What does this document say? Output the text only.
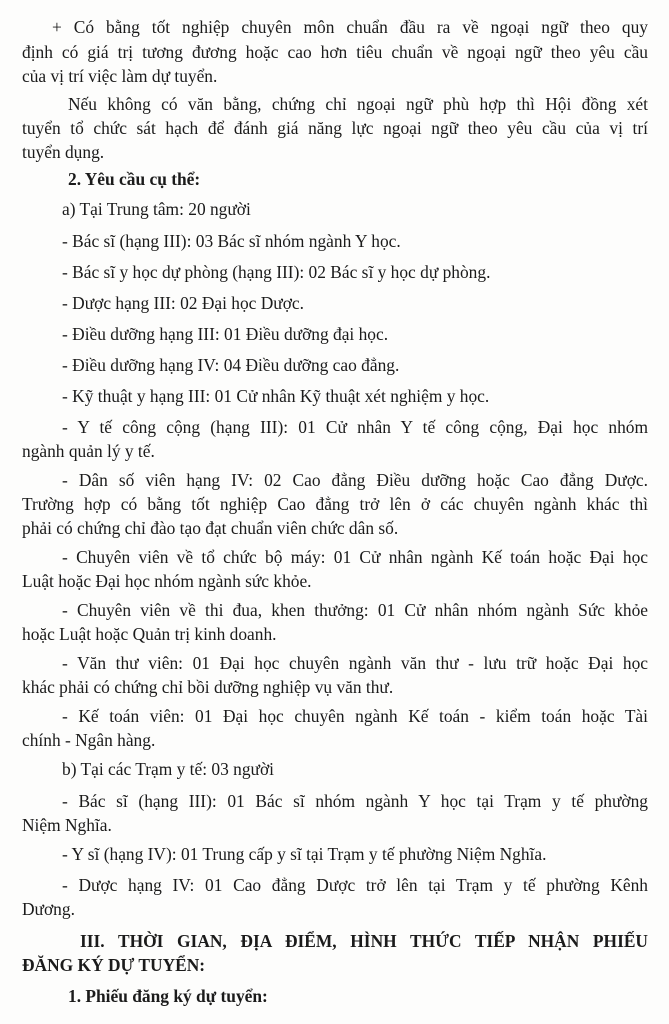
+ Có bằng tốt nghiệp chuyên môn chuẩn đầu ra về ngoại ngữ theo quy
định có giá trị tương đương hoặc cao hơn tiêu chuẩn về ngoại ngữ theo yêu cầu
của vị trí việc làm dự tuyển.
Nếu không có văn bằng, chứng chỉ ngoại ngữ phù hợp thì Hội đồng xét
tuyển tổ chức sát hạch để đánh giá năng lực ngoại ngữ theo yêu cầu của vị trí
tuyển dụng.
2. Yêu cầu cụ thể:
a) Tại Trung tâm: 20 người
- Bác sĩ (hạng III): 03 Bác sĩ nhóm ngành Y học.
- Bác sĩ y học dự phòng (hạng III): 02 Bác sĩ y học dự phòng.
- Dược hạng III: 02 Đại học Dược.
- Điều dưỡng hạng III: 01 Điều dưỡng đại học.
- Điều dưỡng hạng IV: 04 Điều dưỡng cao đẳng.
- Kỹ thuật y hạng III: 01 Cử nhân Kỹ thuật xét nghiệm y học.
- Y tế công cộng (hạng III): 01 Cử nhân Y tế công cộng, Đại học nhóm
ngành quản lý y tế.
- Dân số viên hạng IV: 02 Cao đẳng Điều dưỡng hoặc Cao đẳng Dược.
Trường hợp có bằng tốt nghiệp Cao đẳng trở lên ở các chuyên ngành khác thì
phải có chứng chỉ đào tạo đạt chuẩn viên chức dân số.
- Chuyên viên về tổ chức bộ máy: 01 Cử nhân ngành Kế toán hoặc Đại học
Luật hoặc Đại học nhóm ngành sức khỏe.
- Chuyên viên về thi đua, khen thưởng: 01 Cử nhân nhóm ngành Sức khỏe
hoặc Luật hoặc Quản trị kinh doanh.
- Văn thư viên: 01 Đại học chuyên ngành văn thư - lưu trữ hoặc Đại học
khác phải có chứng chỉ bồi dưỡng nghiệp vụ văn thư.
- Kế toán viên: 01 Đại học chuyên ngành Kế toán - kiểm toán hoặc Tài
chính - Ngân hàng.
b) Tại các Trạm y tế: 03 người
- Bác sĩ (hạng III): 01 Bác sĩ nhóm ngành Y học tại Trạm y tế phường
Niệm Nghĩa.
- Y sĩ (hạng IV): 01 Trung cấp y sĩ tại Trạm y tế phường Niệm Nghĩa.
- Dược hạng IV: 01 Cao đẳng Dược trở lên tại Trạm y tế phường Kênh
Dương.
III. THỜI GIAN, ĐỊA ĐIỂM, HÌNH THỨC TIẾP NHẬN PHIẾU
ĐĂNG KÝ DỰ TUYỂN:
1. Phiếu đăng ký dự tuyển:
